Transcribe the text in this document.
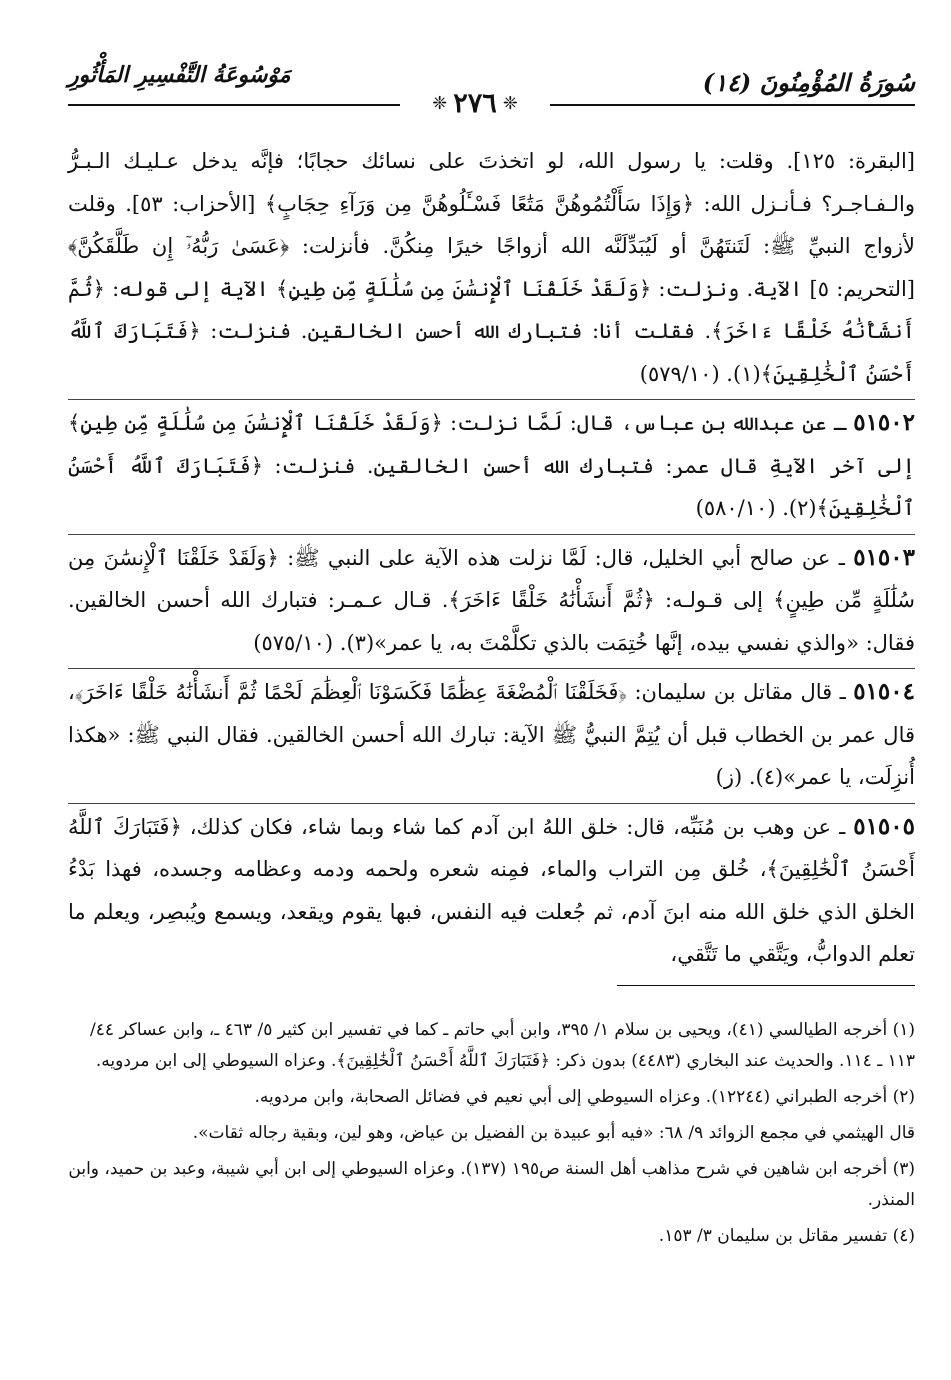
سُورَةُ المُؤْمِنُونَ (١٤)
مَوْسُوعَةُ التَّفْسِيرِ المَأْثُورِ
❈ ٢٧٦ ❈

[البقرة: ١٢٥]. وقلت: يا رسول الله، لو اتخذتَ على نسائك حجابًا؛ فإنَّه يدخل عـليـك الـبـرُّ والـفـاجـر؟ فـأنـزل الله: ﴿وَإِذَا سَأَلْتُمُوهُنَّ مَتَٰعًا فَسْـَٔلُوهُنَّ مِن وَرَآءِ حِجَابٍ﴾ [الأحزاب: ٥٣]. وقلت لأزواج النبيِّ ﷺ: لَتَنتَهُنَّ أو لَيُبَدِّلَنَّه الله أزواجًا خيرًا مِنكُنَّ. فأنزلت: ﴿عَسَىٰ رَبُّهُۥٓ إِن طَلَّقَكُنَّ﴾ [التحريم: ٥] الآية. ونزلت: ﴿وَلَقَدْ خَلَقْنَا ٱلْإِنسَٰنَ مِن سُلَٰلَةٍ مِّن طِينٍ﴾ الآية إلى قوله: ﴿ثُمَّ أَنشَأْنَٰهُ خَلْقًا ءَاخَرَ﴾. فقلت أنا: فتبارك الله أحسن الخالقين. فنزلت: ﴿فَتَبَارَكَ ٱللَّهُ أَحْسَنُ ٱلْخَٰلِقِينَ﴾(١). (٥٧٩/١٠)

٥١٥٠٢ ـ عن عبدالله بن عباس، قال: لَمَّا نزلت: ﴿وَلَقَدْ خَلَقْنَا ٱلْإِنسَٰنَ مِن سُلَٰلَةٍ مِّن طِينٍ﴾ إلى آخر الآيةِ قال عمر: فتبارك الله أحسن الخالقين. فنزلت: ﴿فَتَبَارَكَ ٱللَّهُ أَحْسَنُ ٱلْخَٰلِقِينَ﴾(٢). (٥٨٠/١٠)

٥١٥٠٣ ـ عن صالح أبي الخليل، قال: لَمَّا نزلت هذه الآية على النبي ﷺ: ﴿وَلَقَدْ خَلَقْنَا ٱلْإِنسَٰنَ مِن سُلَٰلَةٍ مِّن طِينٍ﴾ إلى قـولـه: ﴿ثُمَّ أَنشَأْنَٰهُ خَلْقًا ءَاخَرَ﴾. قـال عـمـر: فتبارك الله أحسن الخالقين. فقال: «والذي نفسي بيده، إنَّها خُتِمَت بالذي تكلَّمْتَ به، يا عمر»(٣). (٥٧٥/١٠)

٥١٥٠٤ ـ قال مقاتل بن سليمان: ﴿فَخَلَقْنَا ٱلْمُضْغَةَ عِظَٰمًا فَكَسَوْنَا ٱلْعِظَٰمَ لَحْمًا ثُمَّ أَنشَأْنَٰهُ خَلْقًا ءَاخَرَ﴾، قال عمر بن الخطاب قبل أن يُتِمَّ النبيُّ ﷺ الآية: تبارك الله أحسن الخالقين. فقال النبي ﷺ: «هكذا أُنزِلَت، يا عمر»(٤). (ز)

٥١٥٠٥ ـ عن وهب بن مُنَبِّه، قال: خلق اللهُ ابن آدم كما شاء وبما شاء، فكان كذلك، ﴿فَتَبَارَكَ ٱللَّهُ أَحْسَنُ ٱلْخَٰلِقِينَ﴾، خُلق مِن التراب والماء، فمِنه شعره ولحمه ودمه وعظامه وجسده، فهذا بَدْءُ الخلق الذي خلق الله منه ابنَ آدم، ثم جُعلت فيه النفس، فبها يقوم ويقعد، ويسمع ويُبصِر، ويعلم ما تعلم الدوابُّ، ويَتَّقي ما تَتَّقي،

(١) أخرجه الطيالسي (٤١)، ويحيى بن سلام ١/ ٣٩٥، وابن أبي حاتم ـ كما في تفسير ابن كثير ٥/ ٤٦٣ ـ، وابن عساكر ٤٤/ ١١٣ ـ ١١٤. والحديث عند البخاري (٤٤٨٣) بدون ذكر: ﴿فَتَبَارَكَ ٱللَّهُ أَحْسَنُ ٱلْخَٰلِقِينَ﴾. وعزاه السيوطي إلى ابن مردويه.

(٢) أخرجه الطبراني (١٢٢٤٤). وعزاه السيوطي إلى أبي نعيم في فضائل الصحابة، وابن مردويه.

قال الهيثمي في مجمع الزوائد ٩/ ٦٨: «فيه أبو عبيدة بن الفضيل بن عياض، وهو لين، وبقية رجاله ثقات».

(٣) أخرجه ابن شاهين في شرح مذاهب أهل السنة ص١٩٥ (١٣٧). وعزاه السيوطي إلى ابن أبي شيبة، وعبد بن حميد، وابن المنذر.

(٤) تفسير مقاتل بن سليمان ٣/ ١٥٣.
